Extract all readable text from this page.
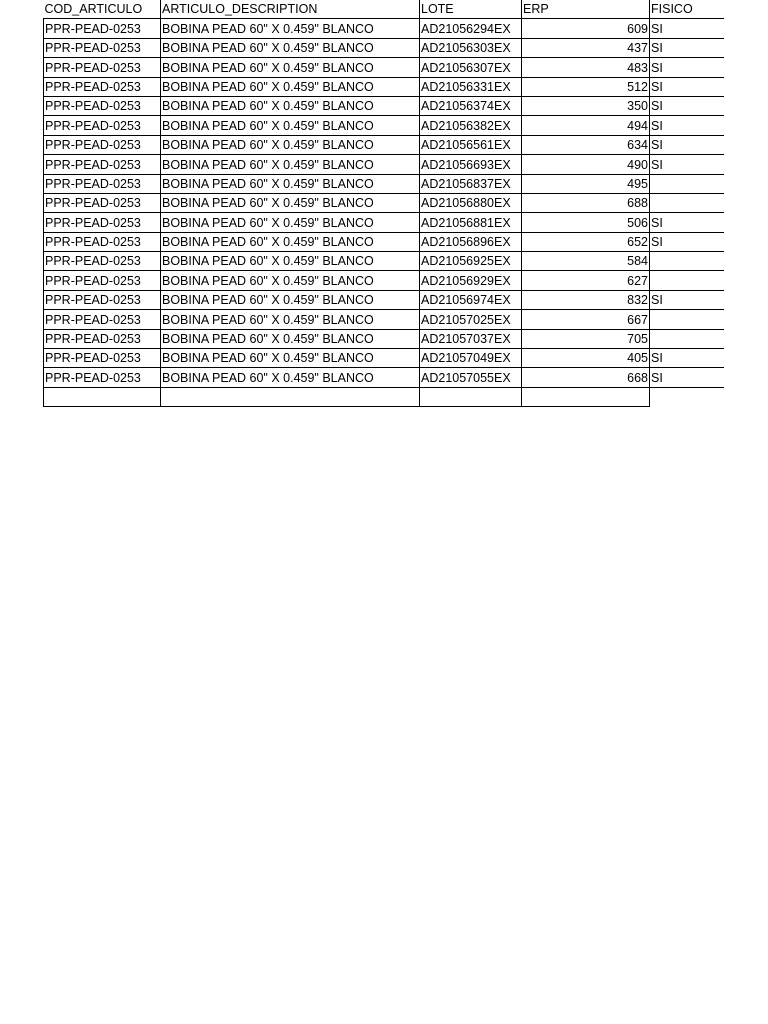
COD_ARTICULO	ARTICULO_DESCRIPTION	LOTE	ERP	FISICO
PPR-PEAD-0253	BOBINA PEAD 60" X 0.459" BLANCO	AD21056294EX	609	SI
PPR-PEAD-0253	BOBINA PEAD 60" X 0.459" BLANCO	AD21056303EX	437	SI
PPR-PEAD-0253	BOBINA PEAD 60" X 0.459" BLANCO	AD21056307EX	483	SI
PPR-PEAD-0253	BOBINA PEAD 60" X 0.459" BLANCO	AD21056331EX	512	SI
PPR-PEAD-0253	BOBINA PEAD 60" X 0.459" BLANCO	AD21056374EX	350	SI
PPR-PEAD-0253	BOBINA PEAD 60" X 0.459" BLANCO	AD21056382EX	494	SI
PPR-PEAD-0253	BOBINA PEAD 60" X 0.459" BLANCO	AD21056561EX	634	SI
PPR-PEAD-0253	BOBINA PEAD 60" X 0.459" BLANCO	AD21056693EX	490	SI
PPR-PEAD-0253	BOBINA PEAD 60" X 0.459" BLANCO	AD21056837EX	495	
PPR-PEAD-0253	BOBINA PEAD 60" X 0.459" BLANCO	AD21056880EX	688	
PPR-PEAD-0253	BOBINA PEAD 60" X 0.459" BLANCO	AD21056881EX	506	SI
PPR-PEAD-0253	BOBINA PEAD 60" X 0.459" BLANCO	AD21056896EX	652	SI
PPR-PEAD-0253	BOBINA PEAD 60" X 0.459" BLANCO	AD21056925EX	584	
PPR-PEAD-0253	BOBINA PEAD 60" X 0.459" BLANCO	AD21056929EX	627	
PPR-PEAD-0253	BOBINA PEAD 60" X 0.459" BLANCO	AD21056974EX	832	SI
PPR-PEAD-0253	BOBINA PEAD 60" X 0.459" BLANCO	AD21057025EX	667	
PPR-PEAD-0253	BOBINA PEAD 60" X 0.459" BLANCO	AD21057037EX	705	
PPR-PEAD-0253	BOBINA PEAD 60" X 0.459" BLANCO	AD21057049EX	405	SI
PPR-PEAD-0253	BOBINA PEAD 60" X 0.459" BLANCO	AD21057055EX	668	SI
